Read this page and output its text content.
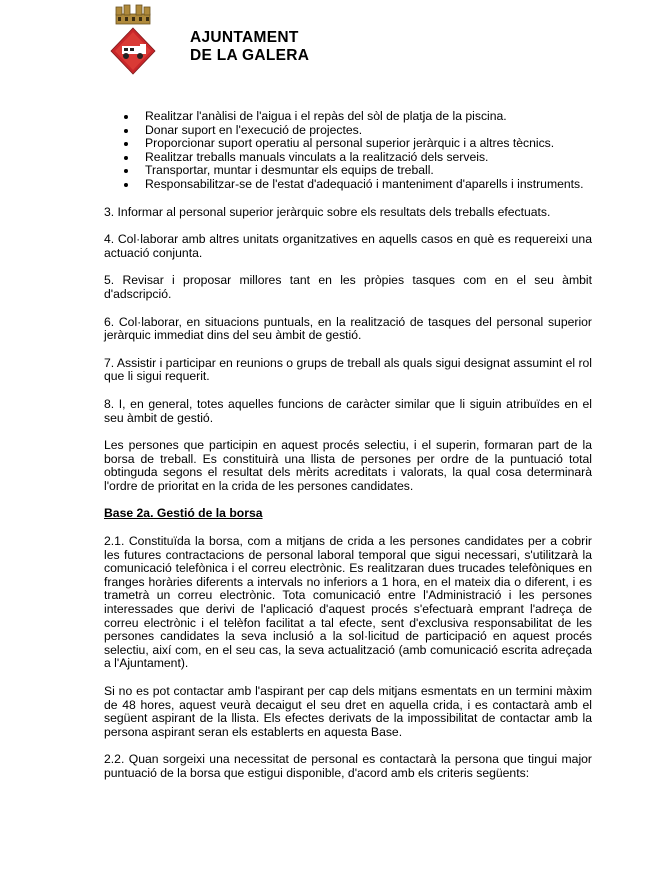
AJUNTAMENT
DE LA GALERA
Realitzar l'anàlisi de l'aigua i el repàs del sòl de platja de la piscina.
Donar suport en l'execució de projectes.
Proporcionar suport operatiu al personal superior jeràrquic i a altres tècnics.
Realitzar treballs manuals vinculats a la realització dels serveis.
Transportar, muntar i desmuntar els equips de treball.
Responsabilitzar-se de l'estat d'adequació i manteniment d'aparells i instruments.

3. Informar al personal superior jeràrquic sobre els resultats dels treballs efectuats.

4. Col·laborar amb altres unitats organitzatives en aquells casos en què es requereixi una actuació conjunta.

5. Revisar i proposar millores tant en les pròpies tasques com en el seu àmbit d'adscripció.

6. Col·laborar, en situacions puntuals, en la realització de tasques del personal superior jeràrquic immediat dins del seu àmbit de gestió.

7. Assistir i participar en reunions o grups de treball als quals sigui designat assumint el rol que li sigui requerit.

8. I, en general, totes aquelles funcions de caràcter similar que li siguin atribuïdes en el seu àmbit de gestió.

Les persones que participin en aquest procés selectiu, i el superin, formaran part de la borsa de treball. Es constituirà una llista de persones per ordre de la puntuació total obtinguda segons el resultat dels mèrits acreditats i valorats, la qual cosa determinarà l'ordre de prioritat en la crida de les persones candidates.

Base 2a. Gestió de la borsa

2.1. Constituïda la borsa, com a mitjans de crida a les persones candidates per a cobrir les futures contractacions de personal laboral temporal que sigui necessari, s'utilitzarà la comunicació telefònica i el correu electrònic. Es realitzaran dues trucades telefòniques en franges horàries diferents a intervals no inferiors a 1 hora, en el mateix dia o diferent, i es trametrà un correu electrònic. Tota comunicació entre l'Administració i les persones interessades que derivi de l'aplicació d'aquest procés s'efectuarà emprant l'adreça de correu electrònic i el telèfon facilitat a tal efecte, sent d'exclusiva responsabilitat de les persones candidates la seva inclusió a la sol·licitud de participació en aquest procés selectiu, així com, en el seu cas, la seva actualització (amb comunicació escrita adreçada a l'Ajuntament).

Si no es pot contactar amb l'aspirant per cap dels mitjans esmentats en un termini màxim de 48 hores, aquest veurà decaigut el seu dret en aquella crida, i es contactarà amb el següent aspirant de la llista. Els efectes derivats de la impossibilitat de contactar amb la persona aspirant seran els establerts en aquesta Base.

2.2. Quan sorgeixi una necessitat de personal es contactarà la persona que tingui major puntuació de la borsa que estigui disponible, d'acord amb els criteris següents:
